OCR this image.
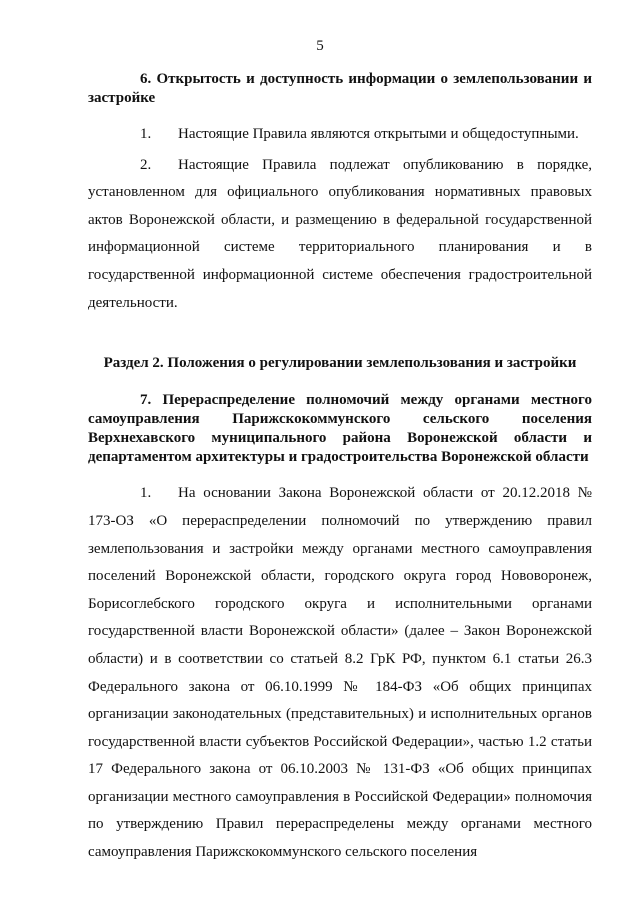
5
6. Открытость и доступность информации о землепользовании и застройке

1. Настоящие Правила являются открытыми и общедоступными.

2. Настоящие Правила подлежат опубликованию в порядке, установленном для официального опубликования нормативных правовых актов Воронежской области, и размещению в федеральной государственной информационной системе территориального планирования и в государственной информационной системе обеспечения градостроительной деятельности.

Раздел 2. Положения о регулировании землепользования и застройки
7. Перераспределение полномочий между органами местного самоуправления Парижскокоммунского сельского поселения Верхнехавского муниципального района Воронежской области и департаментом архитектуры и градостроительства Воронежской области

1. На основании Закона Воронежской области от 20.12.2018 № 173-ОЗ «О перераспределении полномочий по утверждению правил землепользования и застройки между органами местного самоуправления поселений Воронежской области, городского округа город Нововоронеж, Борисоглебского городского округа и исполнительными органами государственной власти Воронежской области» (далее – Закон Воронежской области) и в соответствии со статьей 8.2 ГрК РФ, пунктом 6.1 статьи 26.3 Федерального закона от 06.10.1999 № 184-ФЗ «Об общих принципах организации законодательных (представительных) и исполнительных органов государственной власти субъектов Российской Федерации», частью 1.2 статьи 17 Федерального закона от 06.10.2003 № 131-ФЗ «Об общих принципах организации местного самоуправления в Российской Федерации» полномочия по утверждению Правил перераспределены между органами местного самоуправления Парижскокоммунского сельского поселения
